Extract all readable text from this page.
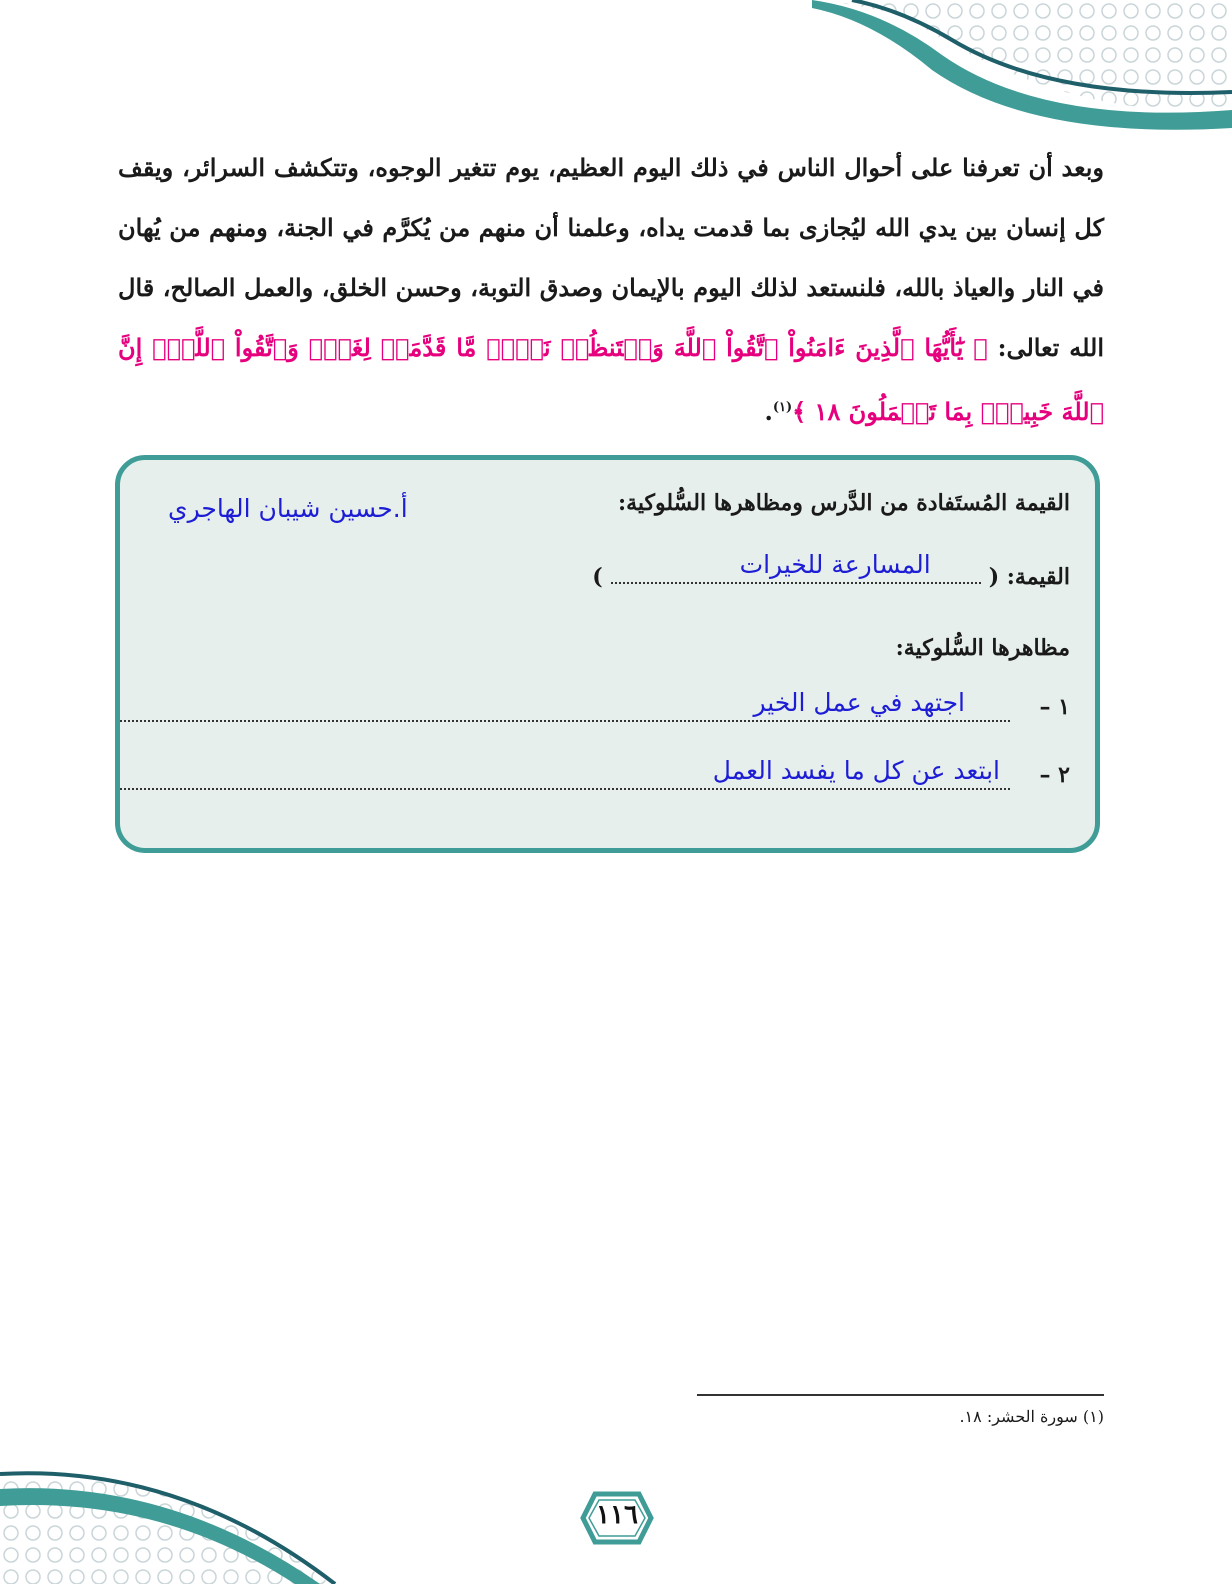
وبعد أن تعرفنا على أحوال الناس في ذلك اليوم العظيم، يوم تتغير الوجوه، وتتكشف السرائر، ويقف كل إنسان بين يدي الله ليُجازى بما قدمت يداه، وعلمنا أن منهم من يُكرَّم في الجنة، ومنهم من يُهان في النار والعياذ بالله، فلنستعد لذلك اليوم بالإيمان وصدق التوبة، وحسن الخلق، والعمل الصالح، قال الله تعالى: ﴿ يَٰٓأَيُّهَا ٱلَّذِينَ ءَامَنُواْ ٱتَّقُواْ ٱللَّهَ وَلۡتَنظُرۡ نَفۡسٞ مَّا قَدَّمَتۡ لِغَدٖۖ وَٱتَّقُواْ ٱللَّهَۚ إِنَّ ٱللَّهَ خَبِيرُۢ بِمَا تَعۡمَلُونَ ١٨ ﴾$^{(١)}$.
القيمة المُستَفادة من الدَّرس ومظاهرها السُّلوكية:
أ.حسين شيبان الهاجري
القيمة: (
المسارعة للخيرات
)
مظاهرها السُّلوكية:
١ –
اجتهد في عمل الخير
٢ –
ابتعد عن كل ما يفسد العمل
(١) سورة الحشر: ١٨.
١١٦
